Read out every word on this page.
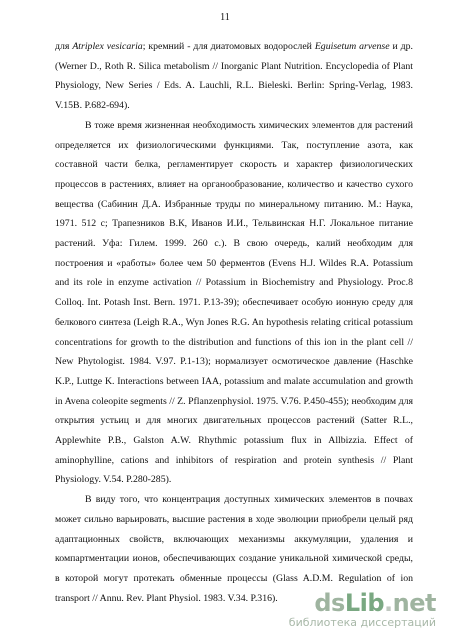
11

для Atriplex vesicaria; кремний - для диатомовых водорослей Eguisetum arvense и др. (Werner D., Roth R. Silica metabolism // Inorganic Plant Nutrition. Encyclopedia of Plant Physiology, New Series / Eds. A. Lauchli, R.L. Bieleski. Berlin: Spring-Verlag, 1983. V.15B. P.682-694).

В тоже время жизненная необходимость химических элементов для растений определяется их физиологическими функциями. Так, поступление азота, как составной части белка, регламентирует скорость и характер физиологических процессов в растениях, влияет на органообразование, количество и качество сухого вещества (Сабинин Д.А. Избранные труды по минеральному питанию. М.: Наука, 1971. 512 с; Трапезников В.К, Иванов И.И., Тельвинская Н.Г. Локальное питание растений. Уфа: Гилем. 1999. 260 с.). В свою очередь, калий необходим для построения и «работы» более чем 50 ферментов (Evens H.J. Wildes R.A. Potassium and its role in enzyme activation // Potassium in Biochemistry and Physiology. Proc.8 Colloq. Int. Potash Inst. Bern. 1971. P.13-39); обеспечивает особую ионную среду для белкового синтеза (Leigh R.A., Wyn Jones R.G. An hypothesis relating critical potassium concentrations for growth to the distribution and functions of this ion in the plant cell // New Phytologist. 1984. V.97. P.1-13); нормализует осмотическое давление (Haschke K.P., Luttge K. Interactions between IAA, potassium and malate accumulation and growth in Avena coleopite segments // Z. Pflanzenphysiol. 1975. V.76. P.450-455); необходим для открытия устьиц и для многих двигательных процессов растений (Satter R.L., Applewhite P.B., Galston A.W. Rhythmic potassium flux in Allbizzia. Effect of aminophylline, cations and inhibitors of respiration and protein synthesis // Plant Physiology. V.54. P.280-285).

В виду того, что концентрация доступных химических элементов в почвах может сильно варьировать, высшие растения в ходе эволюции приобрели целый ряд адаптационных свойств, включающих механизмы аккумуляции, удаления и компартментации ионов, обеспечивающих создание уникальной химической среды, в которой могут протекать обменные процессы (Glass A.D.M. Regulation of ion transport // Annu. Rev. Plant Physiol. 1983. V.34. P.316).	dsLib.net
библиотека диссертаций
